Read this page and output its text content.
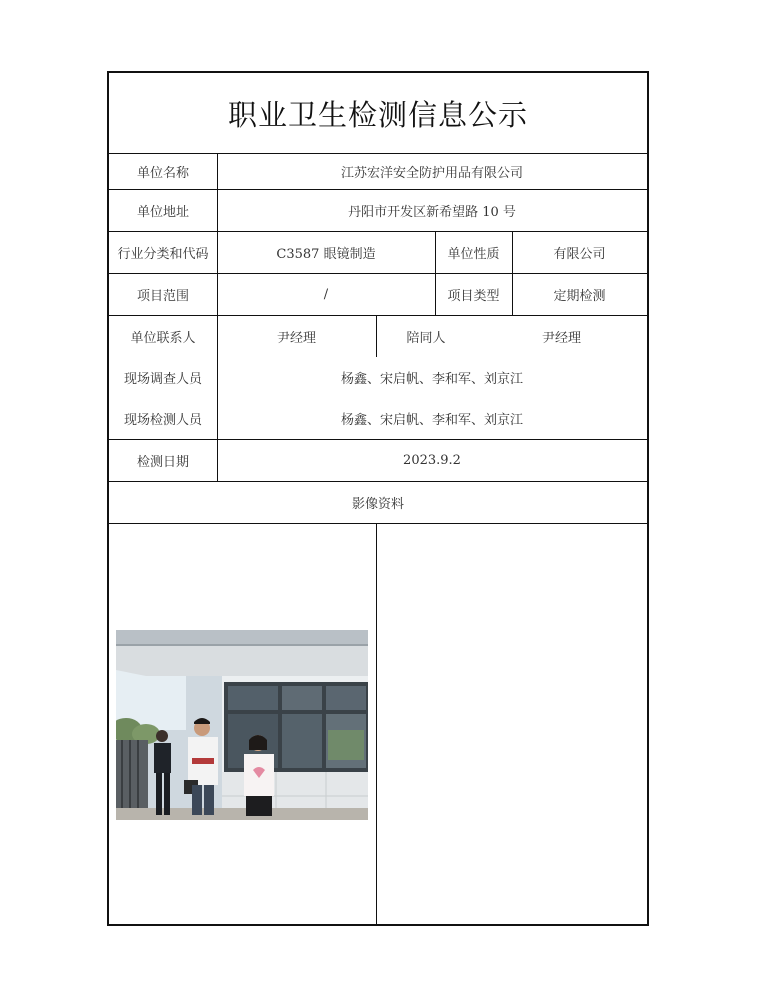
职业卫生检测信息公示
单位名称	江苏宏洋安全防护用品有限公司
单位地址	丹阳市开发区新希望路 10 号
行业分类和代码	C3587 眼镜制造	单位性质	有限公司
项目范围	/	项目类型	定期检测
单位联系人	尹经理	陪同人	尹经理
现场调查人员	杨鑫、宋启帆、李和军、刘京江
现场检测人员	杨鑫、宋启帆、李和军、刘京江
检测日期	2023.9.2
影像资料
